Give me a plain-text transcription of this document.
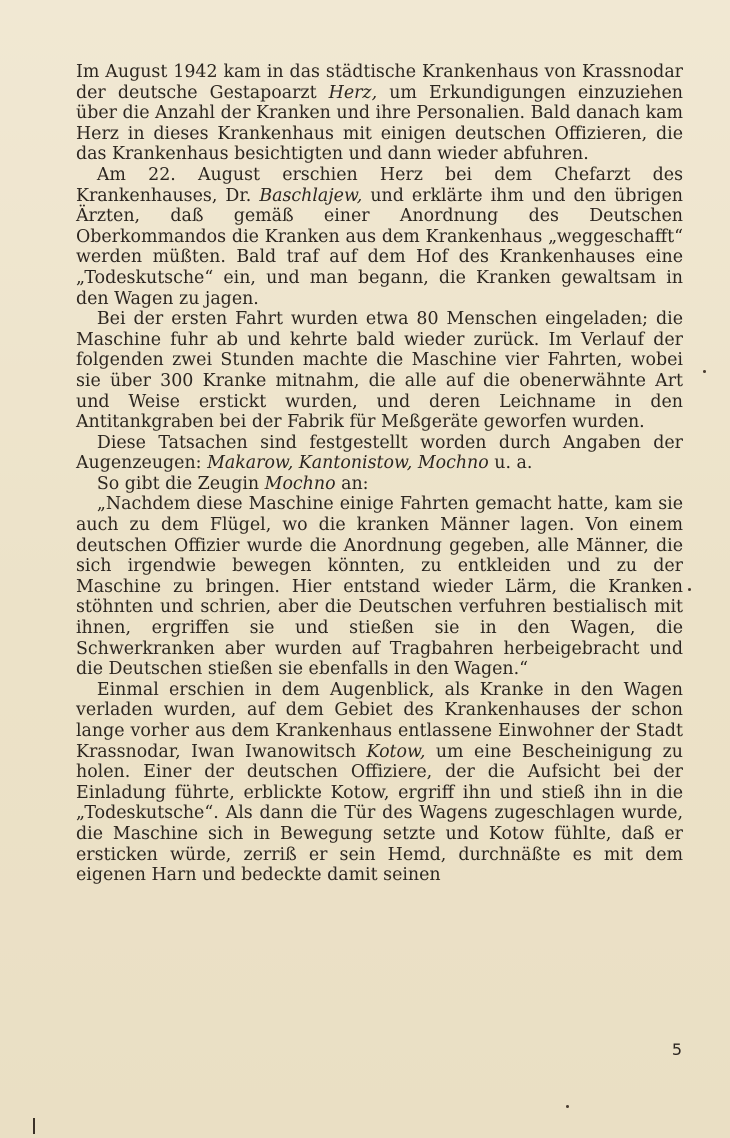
Im August 1942 kam in das städtische Krankenhaus von Krassnodar der deutsche Gestapoarzt Herz, um Erkundigungen einzuziehen über die Anzahl der Kranken und ihre Personalien. Bald danach kam Herz in dieses Krankenhaus mit einigen deutschen Offizieren, die das Krankenhaus besichtigten und dann wieder abfuhren.

Am 22. August erschien Herz bei dem Chefarzt des Krankenhauses, Dr. Baschlajew, und erklärte ihm und den übrigen Ärzten, daß gemäß einer Anordnung des Deutschen Oberkommandos die Kranken aus dem Krankenhaus „weggeschafft“ werden müßten. Bald traf auf dem Hof des Krankenhauses eine „Todeskutsche“ ein, und man begann, die Kranken gewaltsam in den Wagen zu jagen.

Bei der ersten Fahrt wurden etwa 80 Menschen eingeladen; die Maschine fuhr ab und kehrte bald wieder zurück. Im Verlauf der folgenden zwei Stunden machte die Maschine vier Fahrten, wobei sie über 300 Kranke mitnahm, die alle auf die obenerwähnte Art und Weise erstickt wurden, und deren Leichname in den Antitankgraben bei der Fabrik für Meßgeräte geworfen wurden.

Diese Tatsachen sind festgestellt worden durch Angaben der Augenzeugen: Makarow, Kantonistow, Mochno u. a.

So gibt die Zeugin Mochno an:

„Nachdem diese Maschine einige Fahrten gemacht hatte, kam sie auch zu dem Flügel, wo die kranken Männer lagen. Von einem deutschen Offizier wurde die Anordnung gegeben, alle Männer, die sich irgendwie bewegen könnten, zu entkleiden und zu der Maschine zu bringen. Hier entstand wieder Lärm, die Kranken stöhnten und schrien, aber die Deutschen verfuhren bestialisch mit ihnen, ergriffen sie und stießen sie in den Wagen, die Schwerkranken aber wurden auf Tragbahren herbeigebracht und die Deutschen stießen sie ebenfalls in den Wagen.“

Einmal erschien in dem Augenblick, als Kranke in den Wagen verladen wurden, auf dem Gebiet des Krankenhauses der schon lange vorher aus dem Krankenhaus entlassene Einwohner der Stadt Krassnodar, Iwan Iwanowitsch Kotow, um eine Bescheinigung zu holen. Einer der deutschen Offiziere, der die Aufsicht bei der Einladung führte, erblickte Kotow, ergriff ihn und stieß ihn in die „Todeskutsche“. Als dann die Tür des Wagens zugeschlagen wurde, die Maschine sich in Bewegung setzte und Kotow fühlte, daß er ersticken würde, zerriß er sein Hemd, durchnäßte es mit dem eigenen Harn und bedeckte damit seinen

5
